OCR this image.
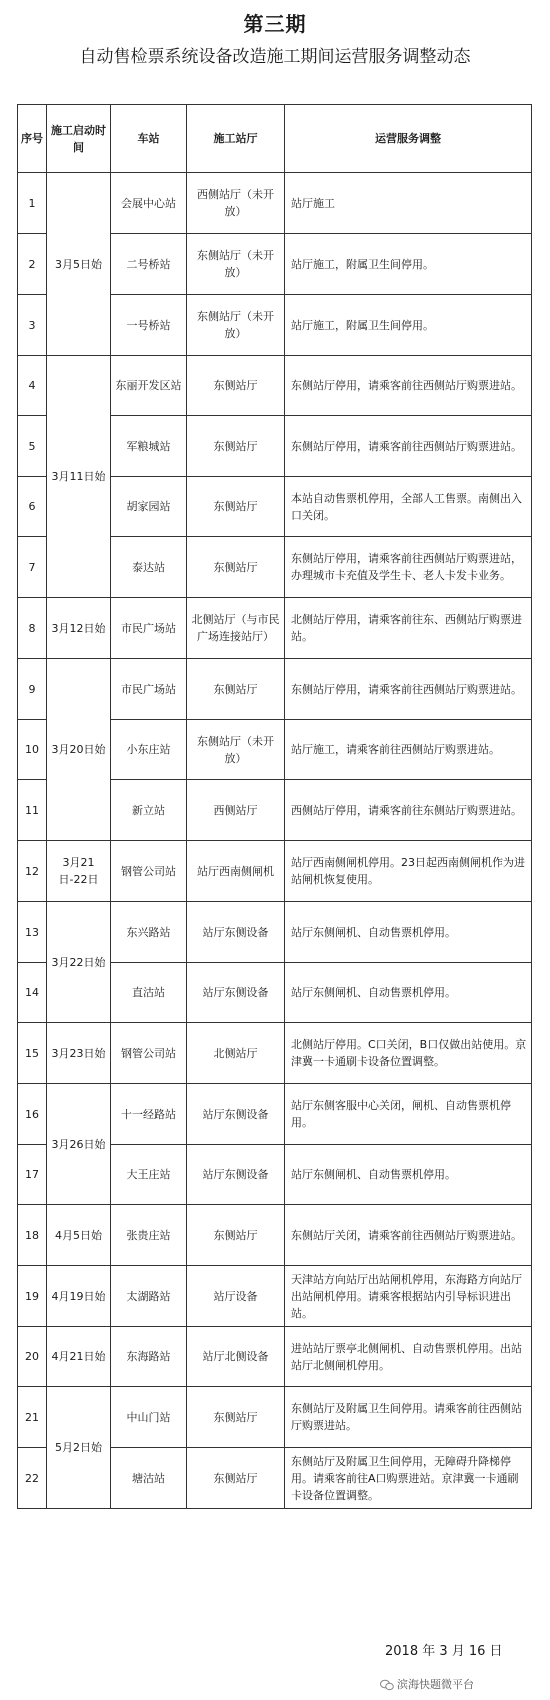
第三期
自动售检票系统设备改造施工期间运营服务调整动态
序号	施工启动时间	车站	施工站厅	运营服务调整
1	3月5日始	会展中心站	西侧站厅（未开放）	站厅施工
2		二号桥站	东侧站厅（未开放）	站厅施工，附属卫生间停用。
3		一号桥站	东侧站厅（未开放）	站厅施工，附属卫生间停用。
4	3月11日始	东丽开发区站	东侧站厅	东侧站厅停用，请乘客前往西侧站厅购票进站。
5		军粮城站	东侧站厅	东侧站厅停用，请乘客前往西侧站厅购票进站。
6		胡家园站	东侧站厅	本站自动售票机停用，全部人工售票。南侧出入口关闭。
7		泰达站	东侧站厅	东侧站厅停用，请乘客前往西侧站厅购票进站，办理城市卡充值及学生卡、老人卡发卡业务。
8	3月12日始	市民广场站	北侧站厅（与市民广场连接站厅）	北侧站厅停用，请乘客前往东、西侧站厅购票进站。
9	3月20日始	市民广场站	东侧站厅	东侧站厅停用，请乘客前往西侧站厅购票进站。
10		小东庄站	东侧站厅（未开放）	站厅施工，请乘客前往西侧站厅购票进站。
11		新立站	西侧站厅	西侧站厅停用，请乘客前往东侧站厅购票进站。
12	3月21日-22日	钢管公司站	站厅西南侧闸机	站厅西南侧闸机停用。23日起西南侧闸机作为进站闸机恢复使用。
13	3月22日始	东兴路站	站厅东侧设备	站厅东侧闸机、自动售票机停用。
14		直沽站	站厅东侧设备	站厅东侧闸机、自动售票机停用。
15	3月23日始	钢管公司站	北侧站厅	北侧站厅停用。C口关闭，B口仅做出站使用。京津冀一卡通刷卡设备位置调整。
16	3月26日始	十一经路站	站厅东侧设备	站厅东侧客服中心关闭，闸机、自动售票机停用。
17		大王庄站	站厅东侧设备	站厅东侧闸机、自动售票机停用。
18	4月5日始	张贵庄站	东侧站厅	东侧站厅关闭，请乘客前往西侧站厅购票进站。
19	4月19日始	太湖路站	站厅设备	天津站方向站厅出站闸机停用，东海路方向站厅出站闸机停用。请乘客根据站内引导标识进出站。
20	4月21日始	东海路站	站厅北侧设备	进站站厅票亭北侧闸机、自动售票机停用。出站站厅北侧闸机停用。
21	5月2日始	中山门站	东侧站厅	东侧站厅及附属卫生间停用。请乘客前往西侧站厅购票进站。
22		塘沽站	东侧站厅	东侧站厅及附属卫生间停用，无障碍升降梯停用。请乘客前往A口购票进站。京津冀一卡通刷卡设备位置调整。
2018 年 3 月 16 日
滨海快题微平台
